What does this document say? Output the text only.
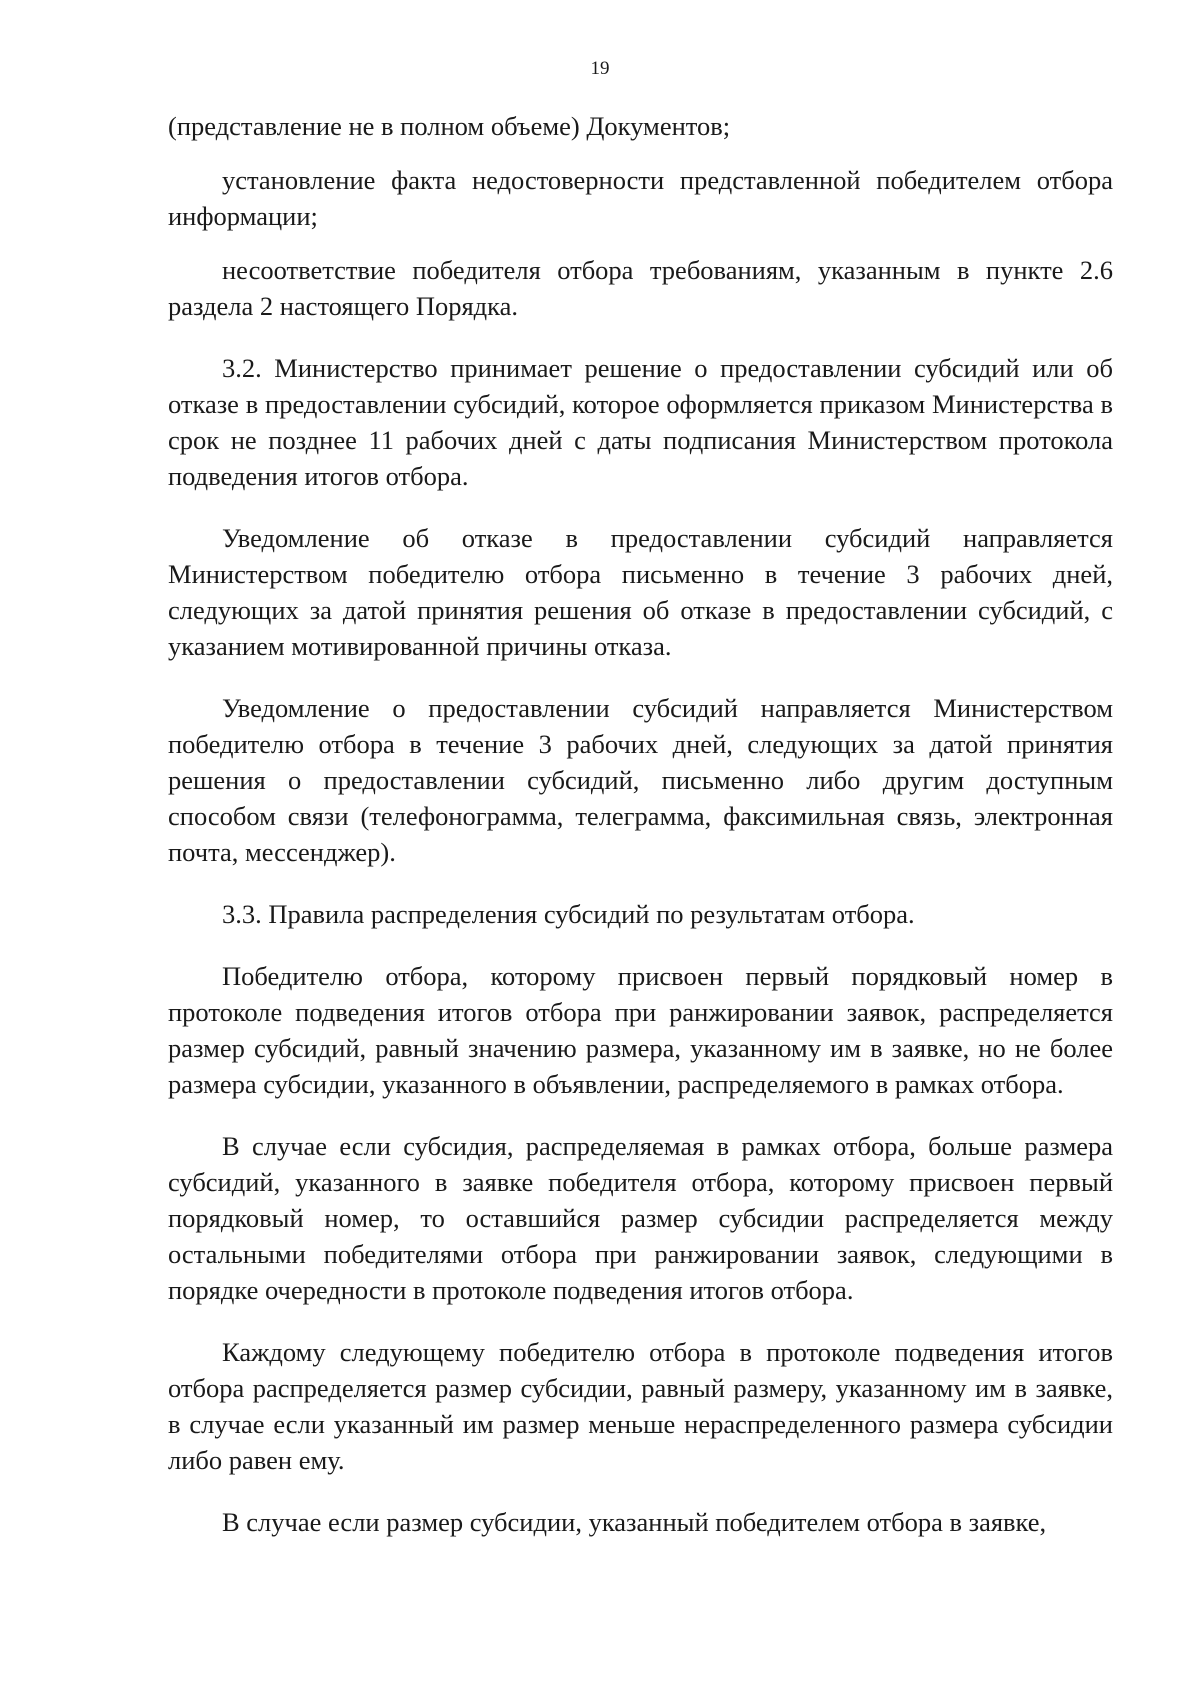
19

(представление не в полном объеме) Документов;

установление факта недостоверности представленной победителем отбора информации;

несоответствие победителя отбора требованиям, указанным в пункте 2.6 раздела 2 настоящего Порядка.

3.2. Министерство принимает решение о предоставлении субсидий или об отказе в предоставлении субсидий, которое оформляется приказом Министерства в срок не позднее 11 рабочих дней с даты подписания Министерством протокола подведения итогов отбора.

Уведомление об отказе в предоставлении субсидий направляется Министерством победителю отбора письменно в течение 3 рабочих дней, следующих за датой принятия решения об отказе в предоставлении субсидий, с указанием мотивированной причины отказа.

Уведомление о предоставлении субсидий направляется Министерством победителю отбора в течение 3 рабочих дней, следующих за датой принятия решения о предоставлении субсидий, письменно либо другим доступным способом связи (телефонограмма, телеграмма, факсимильная связь, электронная почта, мессенджер).

3.3. Правила распределения субсидий по результатам отбора.

Победителю отбора, которому присвоен первый порядковый номер в протоколе подведения итогов отбора при ранжировании заявок, распределяется размер субсидий, равный значению размера, указанному им в заявке, но не более размера субсидии, указанного в объявлении, распределяемого в рамках отбора.

В случае если субсидия, распределяемая в рамках отбора, больше размера субсидий, указанного в заявке победителя отбора, которому присвоен первый порядковый номер, то оставшийся размер субсидии распределяется между остальными победителями отбора при ранжировании заявок, следующими в порядке очередности в протоколе подведения итогов отбора.

Каждому следующему победителю отбора в протоколе подведения итогов отбора распределяется размер субсидии, равный размеру, указанному им в заявке, в случае если указанный им размер меньше нераспределенного размера субсидии либо равен ему.

В случае если размер субсидии, указанный победителем отбора в заявке,
